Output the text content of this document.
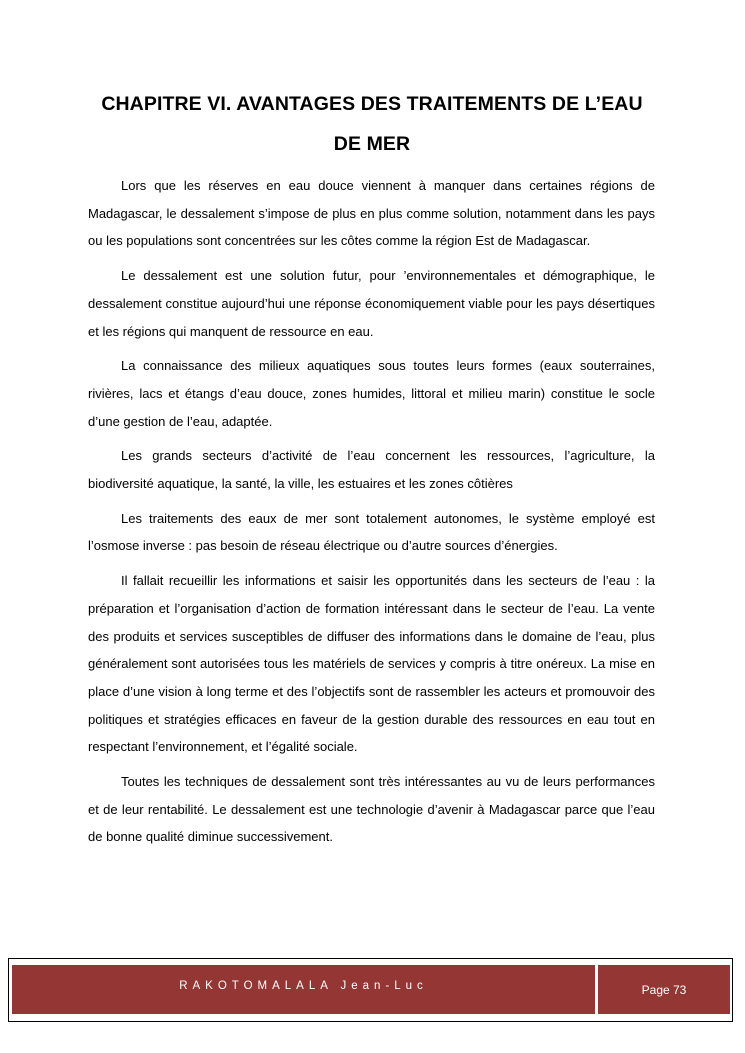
CHAPITRE VI. AVANTAGES DES TRAITEMENTS DE L’EAU DE MER

Lors que les réserves en eau douce viennent à manquer dans certaines régions de Madagascar, le dessalement s’impose de plus en plus comme solution, notamment dans les pays ou les populations sont concentrées sur les côtes comme la région Est de Madagascar.

Le dessalement est une solution futur, pour ’environnementales et démographique, le dessalement constitue aujourd’hui une réponse économiquement viable pour les pays désertiques et les régions qui manquent de ressource en eau.

La connaissance des milieux aquatiques sous toutes leurs formes (eaux souterraines, rivières, lacs et étangs d’eau douce, zones humides, littoral et milieu marin) constitue le socle d’une gestion de l’eau, adaptée.

Les grands secteurs d’activité de l’eau concernent les ressources, l’agriculture, la biodiversité aquatique, la santé, la ville, les estuaires et les zones côtières

Les traitements des eaux de mer sont totalement autonomes, le système employé est l’osmose inverse : pas besoin de réseau électrique ou d’autre sources d’énergies.

Il fallait recueillir les informations et saisir les opportunités dans les secteurs de l’eau : la préparation et l’organisation d’action de formation intéressant dans le secteur de l’eau. La vente des produits et services susceptibles de diffuser des informations dans le domaine de l’eau, plus généralement sont autorisées tous les matériels de services y compris à titre onéreux. La mise en place d’une vision à long terme et des l’objectifs sont de rassembler les acteurs et promouvoir des politiques et stratégies efficaces en faveur de la gestion durable des ressources en eau tout en respectant l’environnement, et l’égalité sociale.

Toutes les techniques de dessalement sont très intéressantes au vu de leurs performances et de leur rentabilité. Le dessalement est une technologie d’avenir à Madagascar parce que l’eau de bonne qualité diminue successivement.

RAKOTOMALALA Jean-Luc	Page 73
